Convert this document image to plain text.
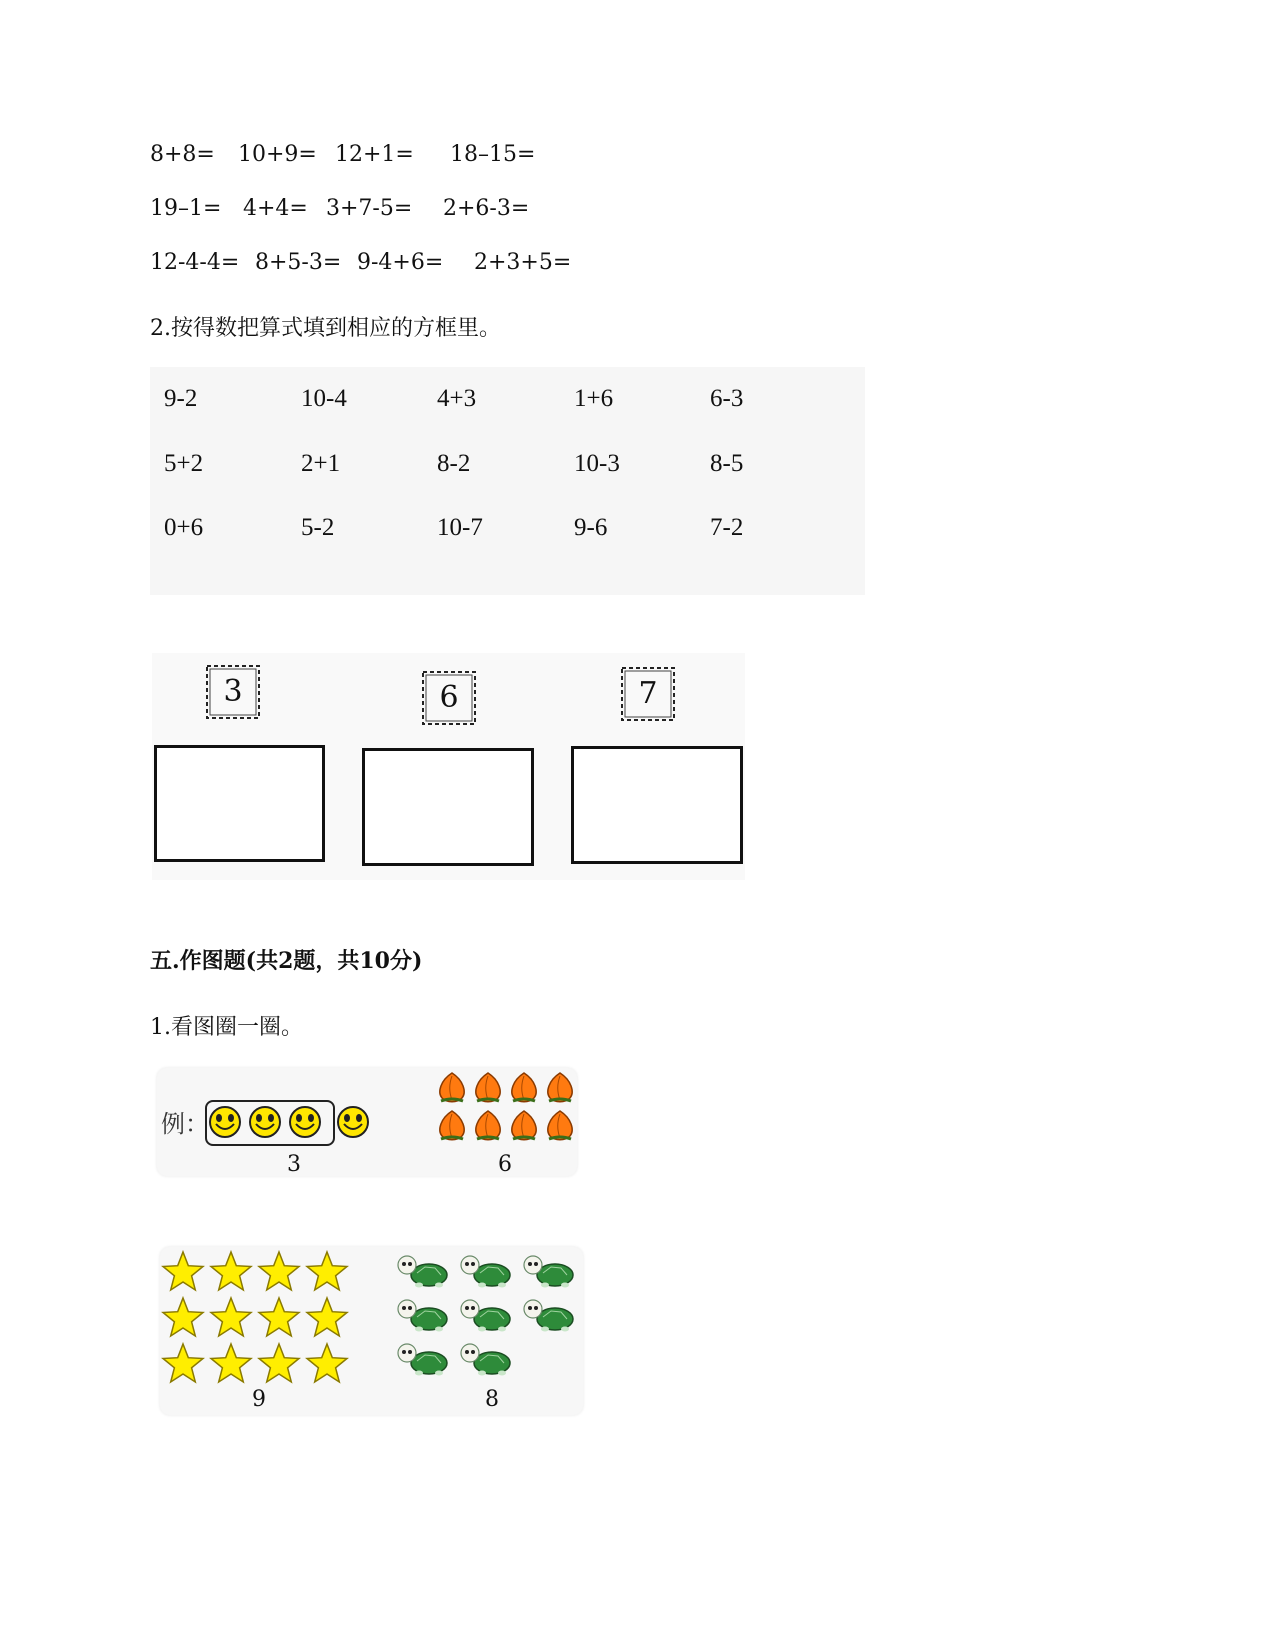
8+8= 10+9= 12+1= 18–15=
19–1= 4+4= 3+7-5= 2+6-3=
12-4-4= 8+5-3= 9-4+6= 2+3+5=
2.按得数把算式填到相应的方框里。
9-2	10-4	4+3	1+6	6-3
5+2	2+1	8-2	10-3	8-5
0+6	5-2	10-7	9-6	7-2
3	6	7
五.作图题(共2题，共10分)
1.看图圈一圈。
例：
3	6
9	8
